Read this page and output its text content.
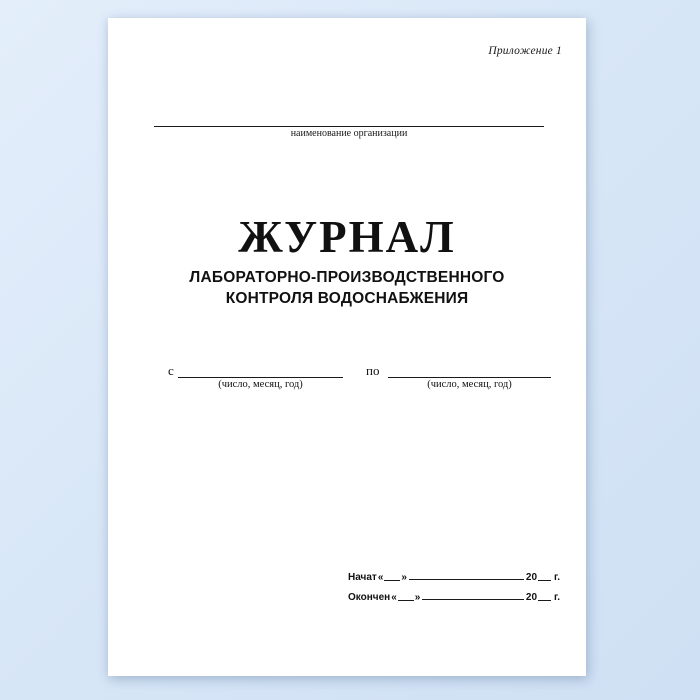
Приложение 1
наименование организации
ЖУРНАЛ
ЛАБОРАТОРНО-ПРОИЗВОДСТВЕННОГО
КОНТРОЛЯ ВОДОСНАБЖЕНИЯ
с
(число, месяц, год)
по
(число, месяц, год)
Начат « »	20 г.
Окончен « »	20 г.
